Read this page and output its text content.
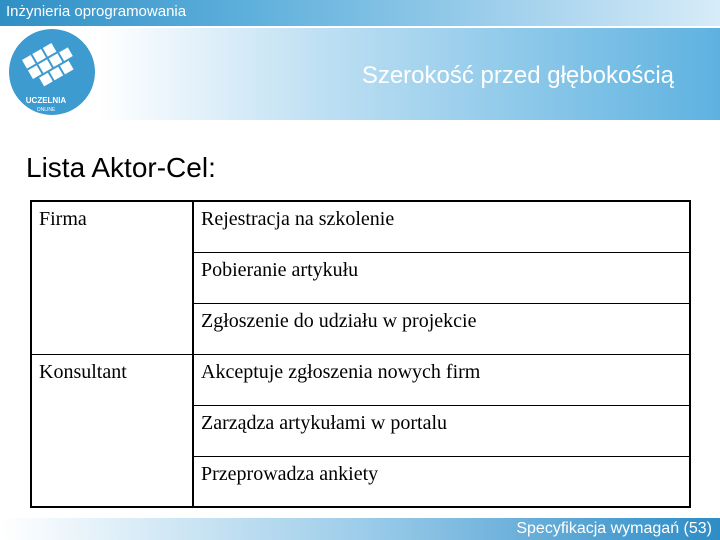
Inżynieria oprogramowania
Szerokość przed głębokością
UCZELNIA
ONLINE
Lista Aktor-Cel:
Firma	Rejestracja na szkolenie
	Pobieranie artykułu
	Zgłoszenie do udziału w projekcie
Konsultant	Akceptuje zgłoszenia nowych firm
	Zarządza artykułami w portalu
	Przeprowadza ankiety
Specyfikacja wymagań (53)
